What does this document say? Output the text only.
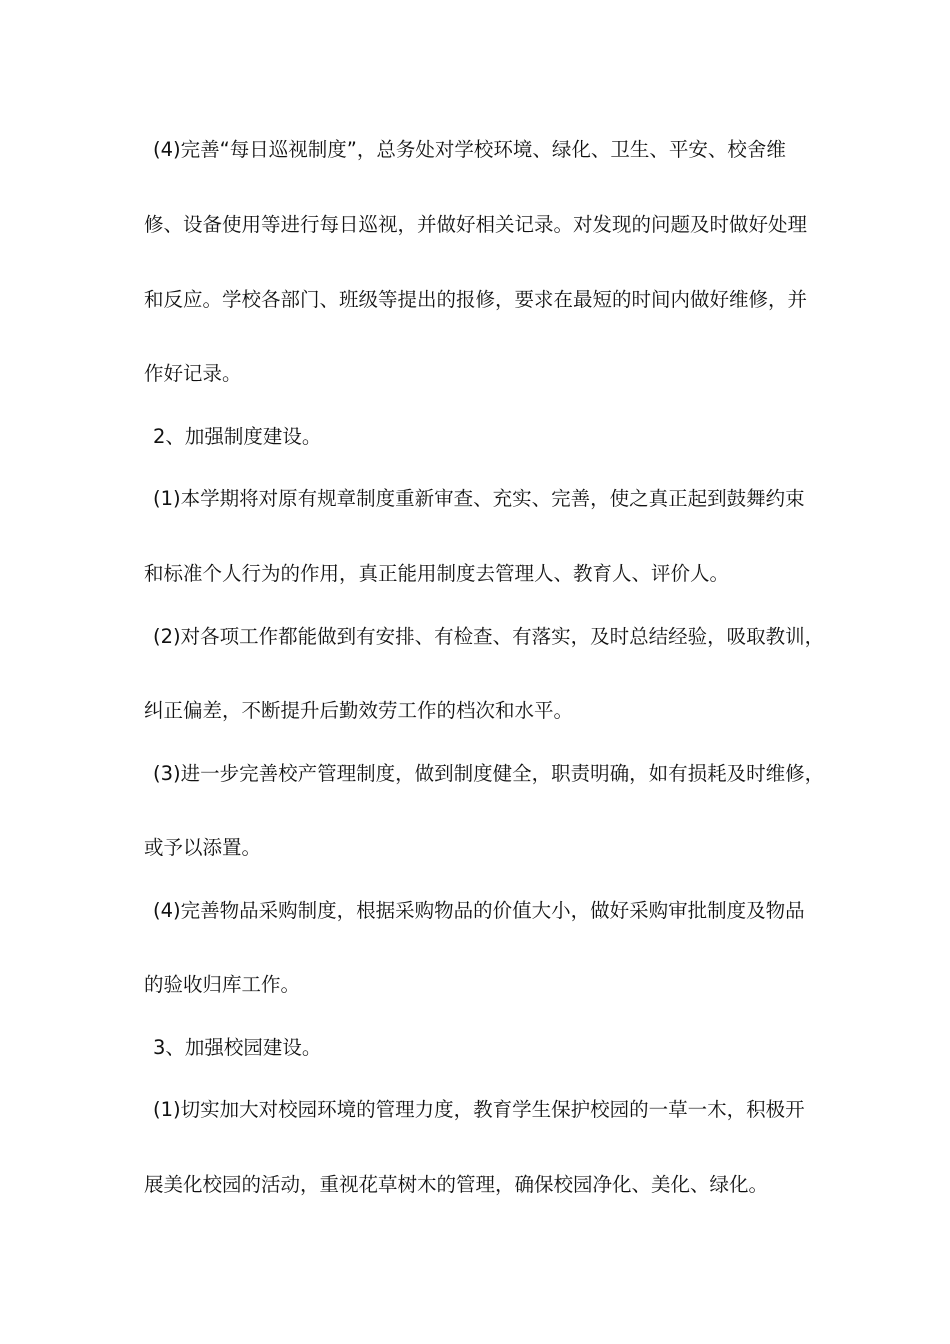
(4)完善“每日巡视制度”，总务处对学校环境、绿化、卫生、平安、校舍维
修、设备使用等进行每日巡视，并做好相关记录。对发现的问题及时做好处理
和反应。学校各部门、班级等提出的报修，要求在最短的时间内做好维修，并
作好记录。
2、加强制度建设。
(1)本学期将对原有规章制度重新审查、充实、完善，使之真正起到鼓舞约束
和标准个人行为的作用，真正能用制度去管理人、教育人、评价人。
(2)对各项工作都能做到有安排、有检查、有落实，及时总结经验，吸取教训，
纠正偏差，不断提升后勤效劳工作的档次和水平。
(3)进一步完善校产管理制度，做到制度健全，职责明确，如有损耗及时维修，
或予以添置。
(4)完善物品采购制度，根据采购物品的价值大小，做好采购审批制度及物品
的验收归库工作。
3、加强校园建设。
(1)切实加大对校园环境的管理力度，教育学生保护校园的一草一木，积极开
展美化校园的活动，重视花草树木的管理，确保校园净化、美化、绿化。
